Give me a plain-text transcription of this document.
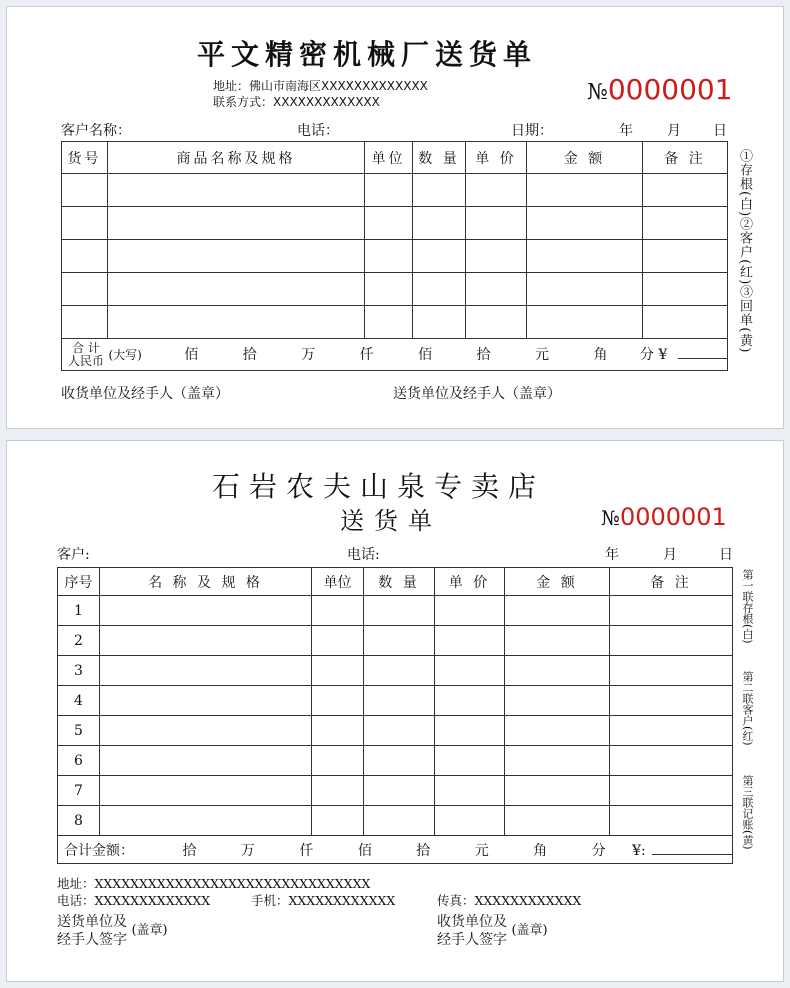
平文精密机械厂送货单
地址：佛山市南海区XXXXXXXXXXXXX
联系方式：XXXXXXXXXXXXX	№0000001
客户名称：	电话：	日期：	年 月 日
货号	商品名称及规格	单位	数 量	单 价	金 额	备 注

合 计
人民币 (大写) 佰 拾 万 仟 佰 拾 元 角 分 ¥						
①存根(白)②客户(红)③回单(黄)
收货单位及经手人（盖章）	送货单位及经手人（盖章）
石岩农夫山泉专卖店
送货单	№0000001
客户:	电话:	年	月	日
序号	名 称 及 规 格	单位	数 量	单 价	金 额	备 注
1						
2						
3						
4						
5						
6						
7						
8						
合计金额： 拾 万 仟 佰 拾 元 角 分 ¥:						
第一联存根(白)
第二联客户(红)
第三联记账(黄)
地址：XXXXXXXXXXXXXXXXXXXXXXXXXXXXXXX
电话：XXXXXXXXXXXXX	手机：XXXXXXXXXXXX	传真：XXXXXXXXXXXX
送货单位及
经手人签字
(盖章)
收货单位及
经手人签字
(盖章)
